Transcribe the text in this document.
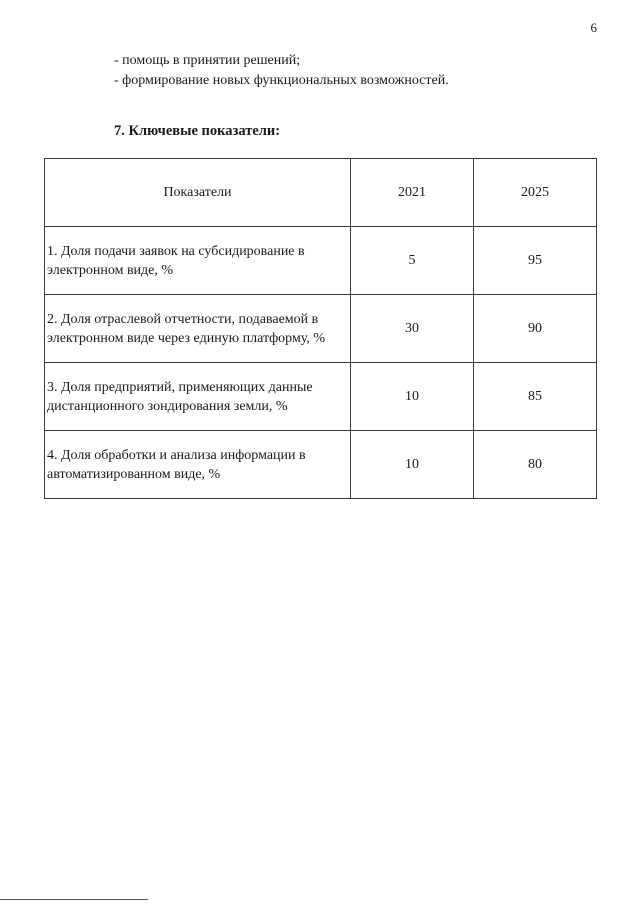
6
- помощь в принятии решений;
- формирование новых функциональных возможностей.
7. Ключевые показатели:
Показатели	2021	2025
1. Доля подачи заявок на субсидирование в электронном виде, %	5	95
2. Доля отраслевой отчетности, подаваемой в электронном виде через единую платформу, %	30	90
3. Доля предприятий, применяющих данные дистанционного зондирования земли, %	10	85
4. Доля обработки и анализа информации в автоматизированном виде, %	10	80
